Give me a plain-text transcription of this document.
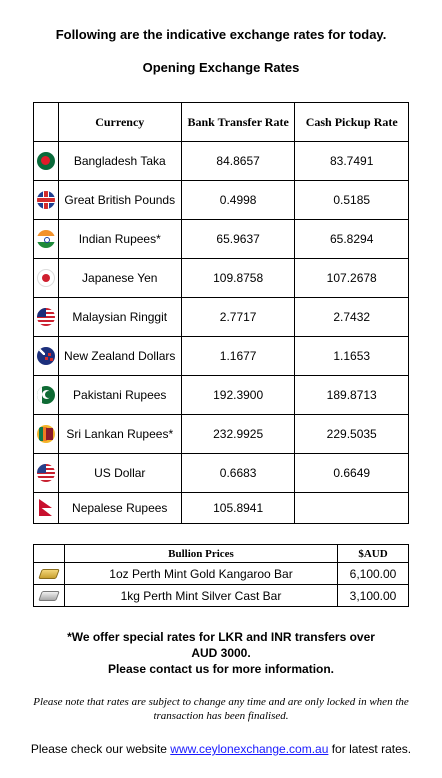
Following are the indicative exchange rates for today.
Opening Exchange Rates
	Currency	Bank Transfer Rate	Cash Pickup Rate
	Bangladesh Taka	84.8657	83.7491
	Great British Pounds	0.4998	0.5185
	Indian Rupees*	65.9637	65.8294
	Japanese Yen	109.8758	107.2678
	Malaysian Ringgit	2.7717	2.7432
	New Zealand Dollars	1.1677	1.1653
	Pakistani Rupees	192.3900	189.8713
	Sri Lankan Rupees*	232.9925	229.5035
	US Dollar	0.6683	0.6649
	Nepalese Rupees	105.8941	
	Bullion Prices	$AUD
	1oz Perth Mint Gold Kangaroo Bar	6,100.00
	1kg Perth Mint Silver Cast Bar	3,100.00
*We offer special rates for LKR and INR transfers over
AUD 3000.
Please contact us for more information.
Please note that rates are subject to change any time and are only locked in when the transaction has been finalised.
Please check our website www.ceylonexchange.com.au for latest rates.
